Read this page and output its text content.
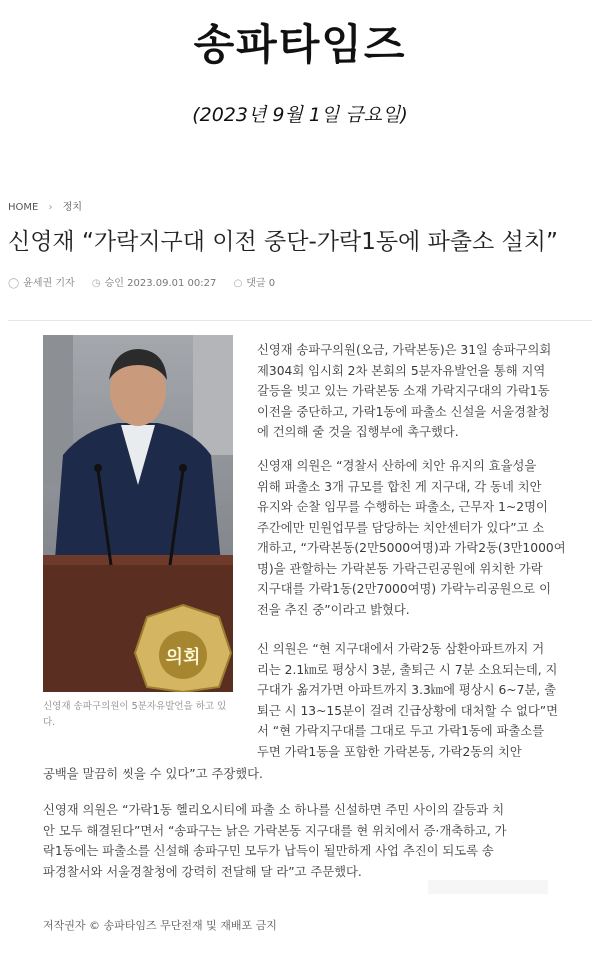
송파타임즈
(2023년 9월 1일 금요일)
HOME › 정치
신영재 “가락지구대 이전 중단-가락1동에 파출소 설치”
◯ 윤세권 기자 ◷ 승인 2023.09.01 00:27 ○ 댓글 0
의회
신영재 송파구의원이 5분자유발언을 하고 있
다.
신영재 송파구의원(오금, 가락본동)은 31일 송파구의회
제304회 임시회 2차 본회의 5분자유발언을 통해 지역
갈등을 빚고 있는 가락본동 소재 가락지구대의 가락1동
이전을 중단하고, 가락1동에 파출소 신설을 서울경찰청
에 건의해 줄 것을 집행부에 촉구했다.
신영재 의원은 “경찰서 산하에 치안 유지의 효율성을
위해 파출소 3개 규모를 합친 게 지구대, 각 동네 치안
유지와 순찰 임무를 수행하는 파출소, 근무자 1~2명이
주간에만 민원업무를 담당하는 치안센터가 있다”고 소
개하고, “가락본동(2만5000여명)과 가락2동(3만1000여
명)을 관할하는 가락본동 가락근린공원에 위치한 가락
지구대를 가락1동(2만7000여명) 가락누리공원으로 이
전을 추진 중”이라고 밝혔다.
신 의원은 “현 지구대에서 가락2동 삼환아파트까지 거
리는 2.1㎞로 평상시 3분, 출퇴근 시 7분 소요되는데, 지
구대가 옮겨가면 아파트까지 3.3㎞에 평상시 6~7분, 출
퇴근 시 13~15분이 걸려 긴급상황에 대처할 수 없다”면
서 “현 가락지구대를 그대로 두고 가락1동에 파출소를
두면 가락1동을 포함한 가락본동, 가락2동의 치안
공백을 말끔히 씻을 수 있다”고 주장했다.
신영재 의원은 “가락1동 헬리오시티에 파출 소 하나를 신설하면 주민 사이의 갈등과 치
안 모두 해결된다”면서 “송파구는 낡은 가락본동 지구대를 현 위치에서 증·개축하고, 가
락1동에는 파출소를 신설해 송파구민 모두가 납득이 될만하게 사업 추진이 되도록 송
파경찰서와 서울경찰청에 강력히 전달해 달 라”고 주문했다.
저작권자 © 송파타임즈 무단전재 및 재배포 금지
